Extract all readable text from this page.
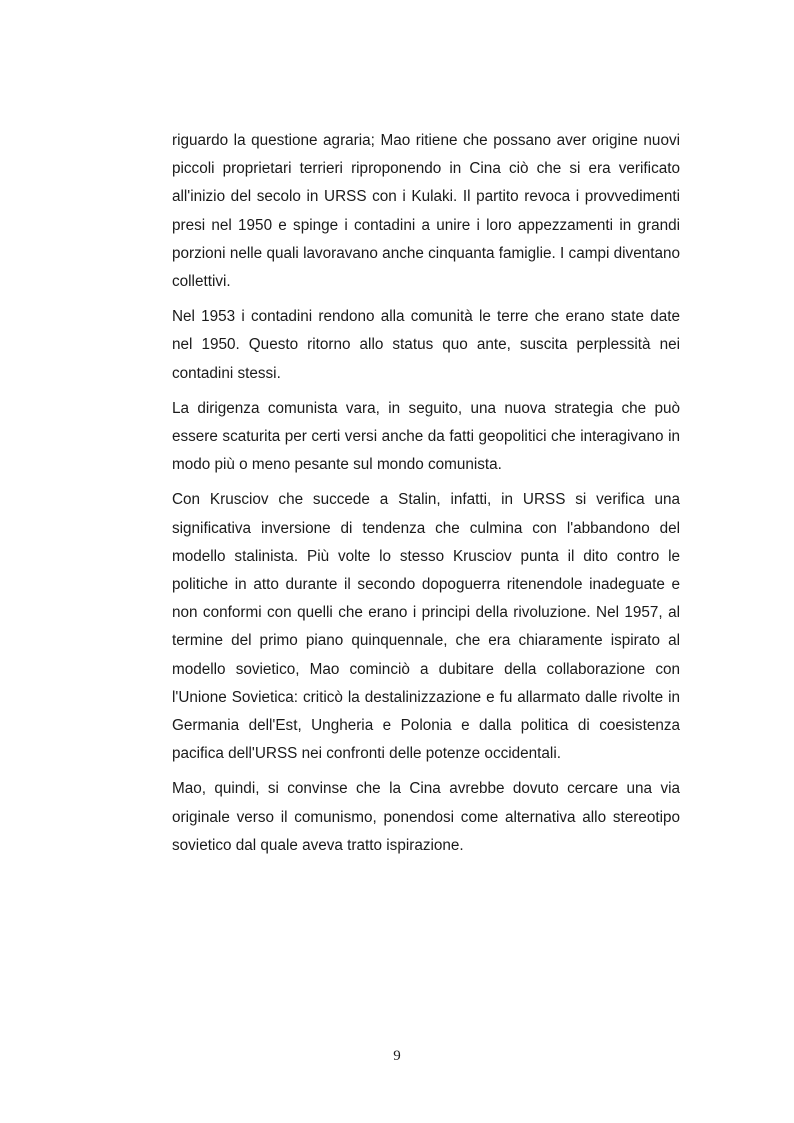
riguardo la questione agraria; Mao ritiene che possano aver origine nuovi piccoli proprietari terrieri riproponendo in Cina ciò che si era verificato all'inizio del secolo in URSS con i Kulaki. Il partito revoca i provvedimenti presi nel 1950 e spinge i contadini a unire i loro appezzamenti in grandi porzioni nelle quali lavoravano anche cinquanta famiglie. I campi diventano collettivi.

Nel 1953 i contadini rendono alla comunità le terre che erano state date nel 1950. Questo ritorno allo status quo ante, suscita perplessità nei contadini stessi.

La dirigenza comunista vara, in seguito, una nuova strategia che può essere scaturita per certi versi anche da fatti geopolitici che interagivano in modo più o meno pesante sul mondo comunista.

Con Krusciov che succede a Stalin, infatti, in URSS si verifica una significativa inversione di tendenza che culmina con l'abbandono del modello stalinista. Più volte lo stesso Krusciov punta il dito contro le politiche in atto durante il secondo dopoguerra ritenendole inadeguate e non conformi con quelli che erano i principi della rivoluzione. Nel 1957, al termine del primo piano quinquennale, che era chiaramente ispirato al modello sovietico, Mao cominciò a dubitare della collaborazione con l'Unione Sovietica: criticò la destalinizzazione e fu allarmato dalle rivolte in Germania dell'Est, Ungheria e Polonia e dalla politica di coesistenza pacifica dell'URSS nei confronti delle potenze occidentali.

Mao, quindi, si convinse che la Cina avrebbe dovuto cercare una via originale verso il comunismo, ponendosi come alternativa allo stereotipo sovietico dal quale aveva tratto ispirazione.

9
